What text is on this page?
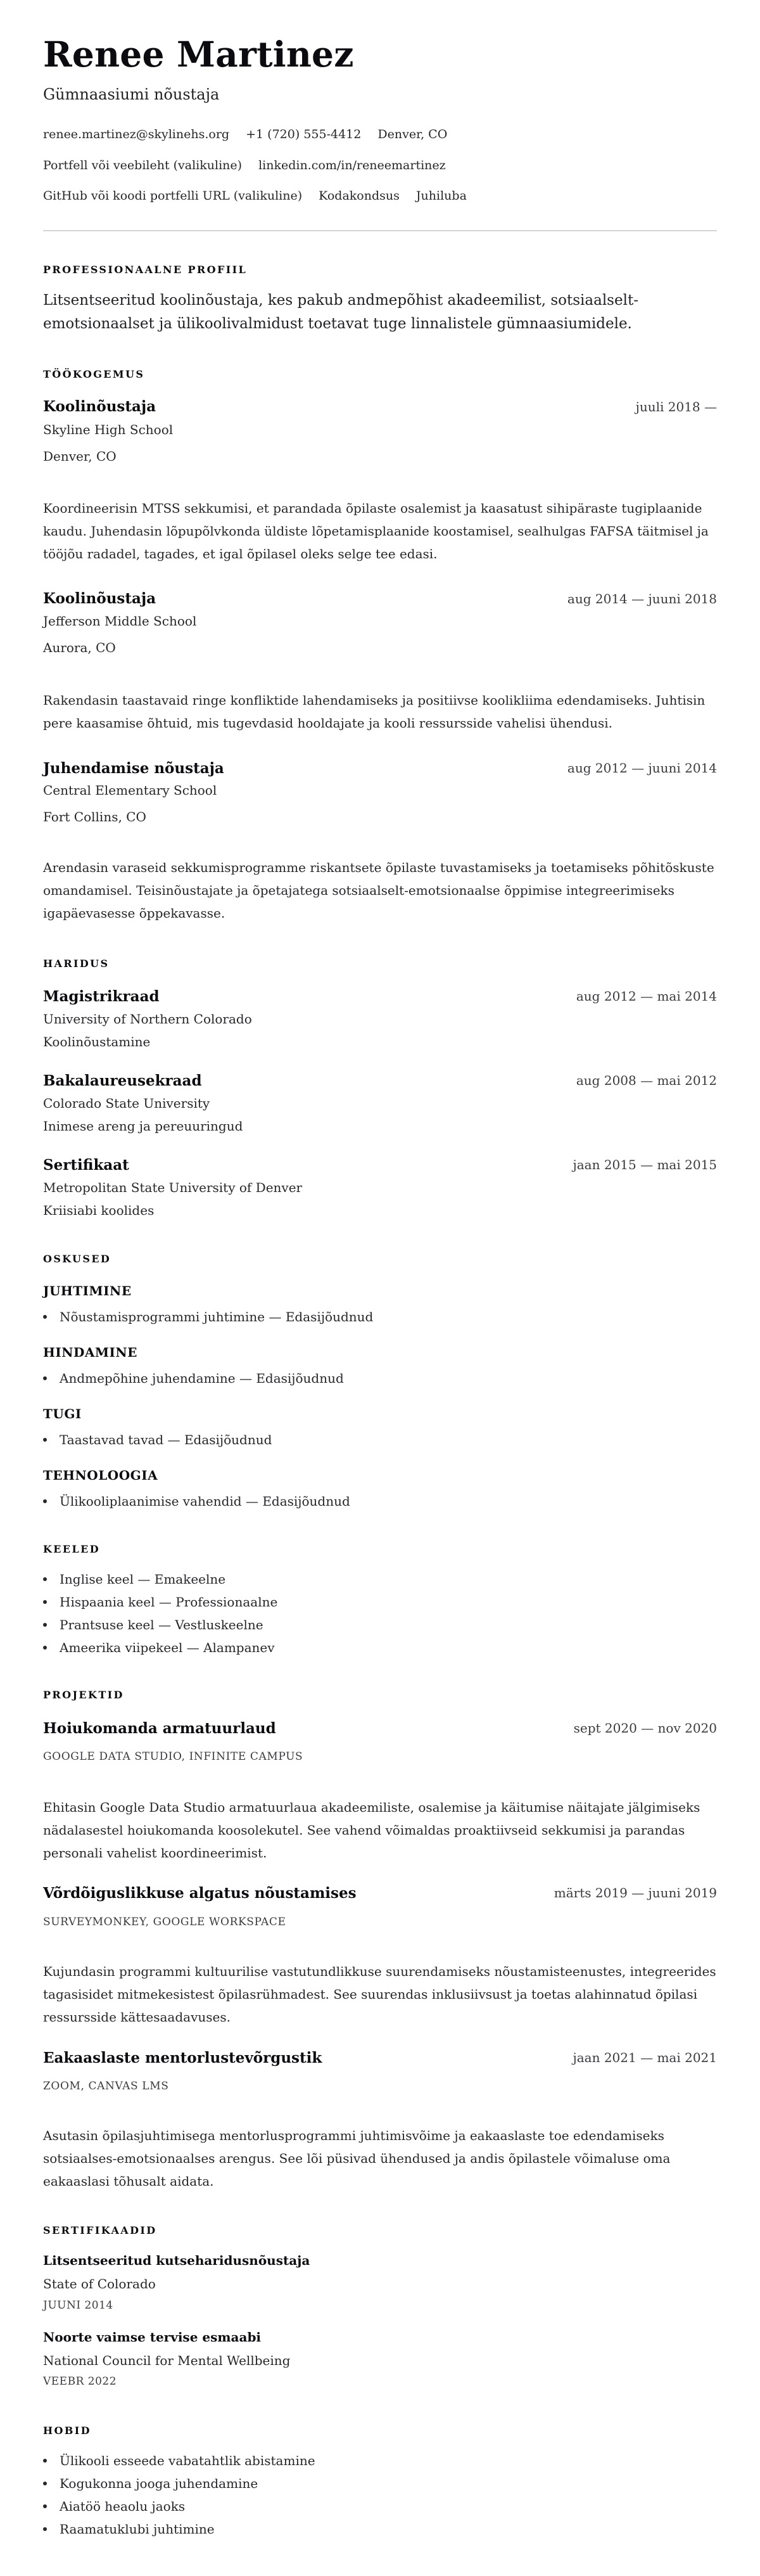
Renee Martinez
Gümnaasiumi nõustaja
renee.martinez@skylinehs.org +1 (720) 555-4412 Denver, CO
Portfell või veebileht (valikuline) linkedin.com/in/reneemartinez
GitHub või koodi portfelli URL (valikuline) Kodakondsus Juhiluba
PROFESSIONAALNE PROFIIL
Litsentseeritud koolinõustaja, kes pakub andmepõhist akadeemilist, sotsiaalselt-emotsionaalset ja ülikoolivalmidust toetavat tuge linnalistele gümnaasiumidele.
TÖÖKOGEMUS
Koolinõustaja	juuli 2018 —
Skyline High School
Denver, CO
Koordineerisin MTSS sekkumisi, et parandada õpilaste osalemist ja kaasatust sihipäraste tugiplaanide kaudu. Juhendasin lõpupõlvkonda üldiste lõpetamisplaanide koostamisel, sealhulgas FAFSA täitmisel ja tööjõu radadel, tagades, et igal õpilasel oleks selge tee edasi.
Koolinõustaja	aug 2014 — juuni 2018
Jefferson Middle School
Aurora, CO
Rakendasin taastavaid ringe konfliktide lahendamiseks ja positiivse koolikliima edendamiseks. Juhtisin pere kaasamise õhtuid, mis tugevdasid hooldajate ja kooli ressursside vahelisi ühendusi.
Juhendamise nõustaja	aug 2012 — juuni 2014
Central Elementary School
Fort Collins, CO
Arendasin varaseid sekkumisprogramme riskantsete õpilaste tuvastamiseks ja toetamiseks põhitõskuste omandamisel. Teisinõustajate ja õpetajatega sotsiaalselt-emotsionaalse õppimise integreerimiseks igapäevasesse õppekavasse.
HARIDUS
Magistrikraad	aug 2012 — mai 2014
University of Northern Colorado
Koolinõustamine
Bakalaureusekraad	aug 2008 — mai 2012
Colorado State University
Inimese areng ja pereuuringud
Sertifikaat	jaan 2015 — mai 2015
Metropolitan State University of Denver
Kriisiabi koolides
OSKUSED
JUHTIMINE
Nõustamisprogrammi juhtimine — Edasijõudnud
HINDAMINE
Andmepõhine juhendamine — Edasijõudnud
TUGI
Taastavad tavad — Edasijõudnud
TEHNOLOOGIA
Ülikooliplaanimise vahendid — Edasijõudnud
KEELED
Inglise keel — Emakeelne
Hispaania keel — Professionaalne
Prantsuse keel — Vestluskeelne
Ameerika viipekeel — Alampanev
PROJEKTID
Hoiukomanda armatuurlaud	sept 2020 — nov 2020
GOOGLE DATA STUDIO, INFINITE CAMPUS
Ehitasin Google Data Studio armatuurlaua akadeemiliste, osalemise ja käitumise näitajate jälgimiseks nädalasestel hoiukomanda koosolekutel. See vahend võimaldas proaktiivseid sekkumisi ja parandas personali vahelist koordineerimist.
Võrdõiguslikkuse algatus nõustamises	märts 2019 — juuni 2019
SURVEYMONKEY, GOOGLE WORKSPACE
Kujundasin programmi kultuurilise vastutundlikkuse suurendamiseks nõustamisteenustes, integreerides tagasisidet mitmekesistest õpilasrühmadest. See suurendas inklusiivsust ja toetas alahinnatud õpilasi ressursside kättesaadavuses.
Eakaaslaste mentorlustevõrgustik	jaan 2021 — mai 2021
ZOOM, CANVAS LMS
Asutasin õpilasjuhtimisega mentorlusprogrammi juhtimisvõime ja eakaaslaste toe edendamiseks sotsiaalses-emotsionaalses arengus. See lõi püsivad ühendused ja andis õpilastele võimaluse oma eakaaslasi tõhusalt aidata.
SERTIFIKAADID
Litsentseeritud kutseharidusnõustaja
State of Colorado
JUUNI 2014
Noorte vaimse tervise esmaabi
National Council for Mental Wellbeing
VEEBR 2022
HOBID
Ülikooli esseede vabatahtlik abistamine
Kogukonna jooga juhendamine
Aiatöö heaolu jaoks
Raamatuklubi juhtimine
